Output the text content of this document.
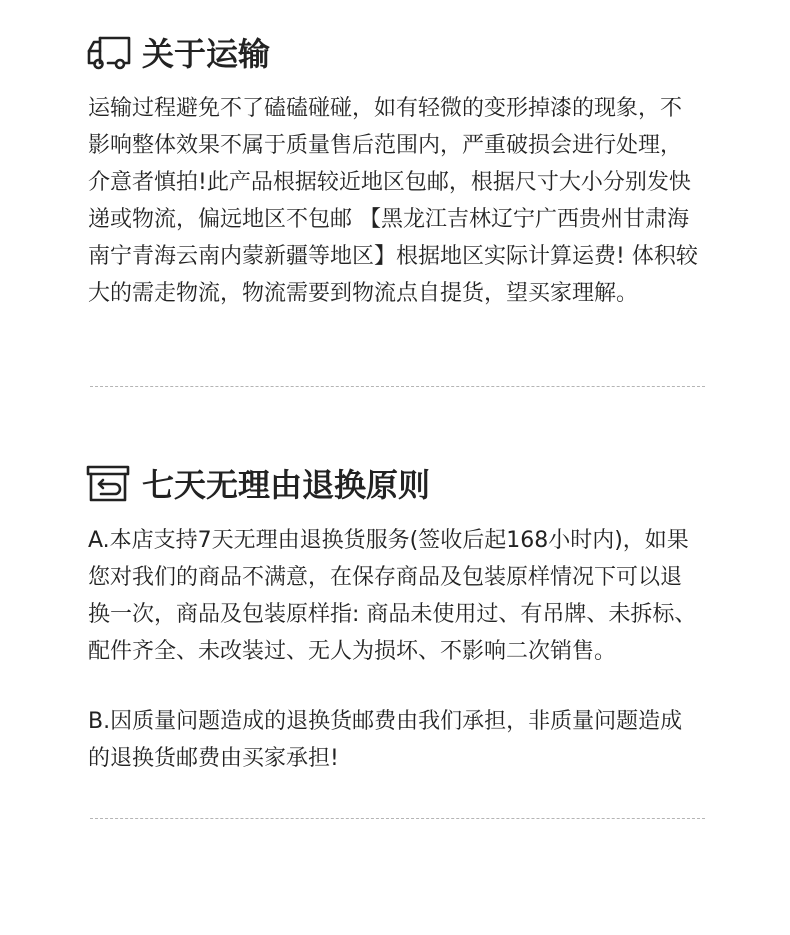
关于运输

运输过程避免不了磕磕碰碰，如有轻微的变形掉漆的现象，不影响整体效果不属于质量售后范围内，严重破损会进行处理，介意者慎拍!此产品根据较近地区包邮，根据尺寸大小分别发快递或物流，偏远地区不包邮 【黑龙江吉林辽宁广西贵州甘肃海南宁青海云南内蒙新疆等地区】根据地区实际计算运费! 体积较大的需走物流，物流需要到物流点自提货，望买家理解。

七天无理由退换原则

A.本店支持7天无理由退换货服务(签收后起168小时内)，如果您对我们的商品不满意，在保存商品及包装原样情况下可以退换一次，商品及包装原样指: 商品未使用过、有吊牌、未拆标、配件齐全、未改装过、无人为损坏、不影响二次销售。

B.因质量问题造成的退换货邮费由我们承担，非质量问题造成的退换货邮费由买家承担!
